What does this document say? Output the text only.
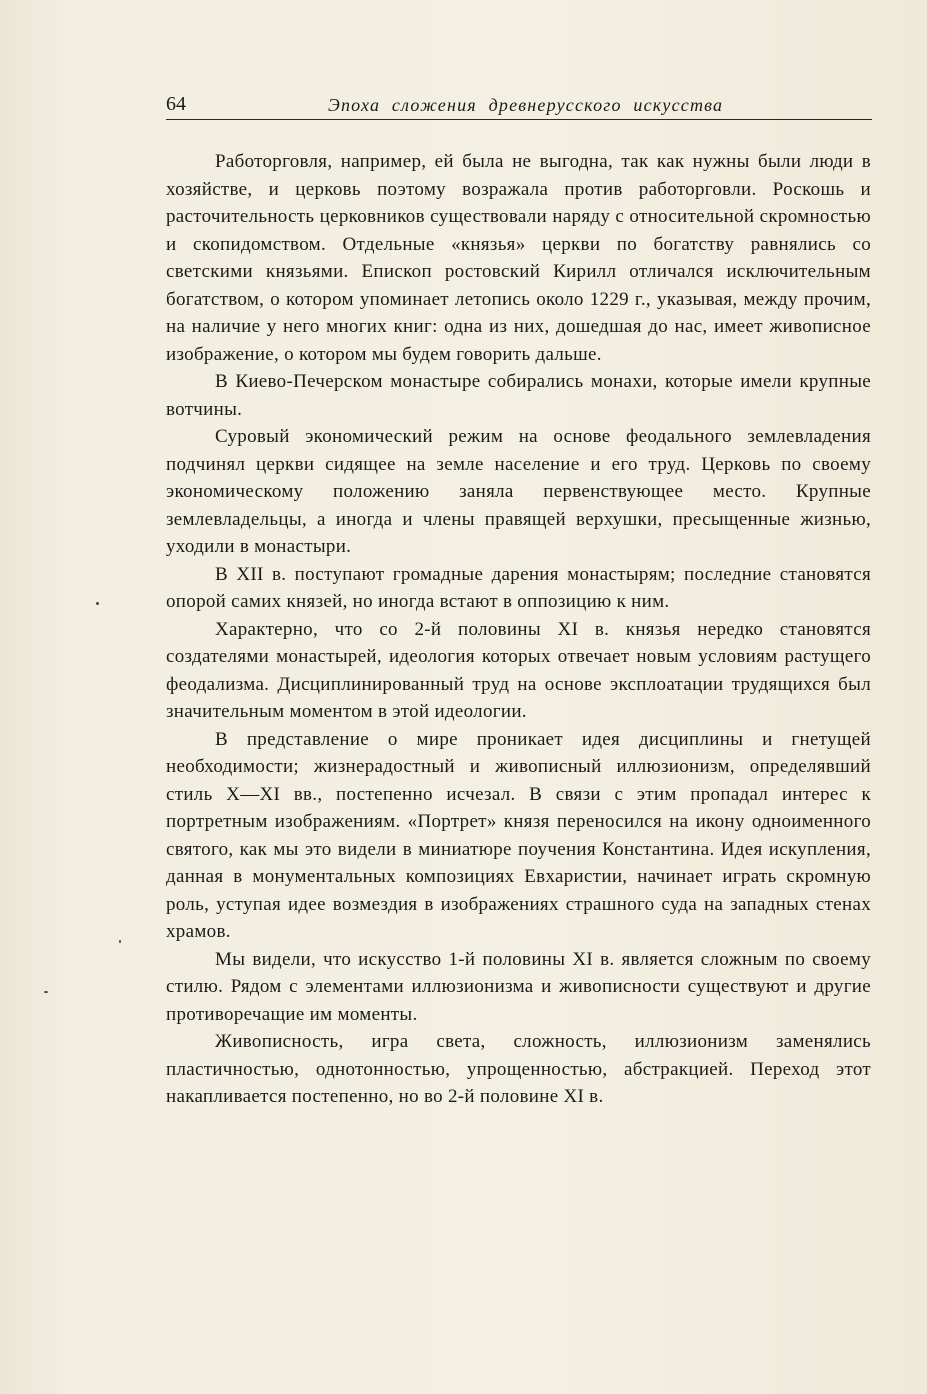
64	Эпоха сложения древнерусского искусства

Работорговля, например, ей была не выгодна, так как нужны были люди в хозяйстве, и церковь поэтому возражала против работорговли. Роскошь и расточительность церковников существовали наряду с относительной скромностью и скопидомством. Отдельные «князья» церкви по богатству равнялись со светскими князьями. Епископ ростовский Кирилл отличался исключительным богатством, о котором упоминает летопись около 1229 г., указывая, между прочим, на наличие у него многих книг: одна из них, дошедшая до нас, имеет живописное изображение, о котором мы будем говорить дальше.

В Киево-Печерском монастыре собирались монахи, которые имели крупные вотчины.

Суровый экономический режим на основе феодального землевладения подчинял церкви сидящее на земле население и его труд. Церковь по своему экономическому положению заняла первенствующее место. Крупные землевладельцы, а иногда и члены правящей верхушки, пресыщенные жизнью, уходили в монастыри.

В XII в. поступают громадные дарения монастырям; последние становятся опорой самих князей, но иногда встают в оппозицию к ним.

Характерно, что со 2-й половины XI в. князья нередко становятся создателями монастырей, идеология которых отвечает новым условиям растущего феодализма. Дисциплинированный труд на основе эксплоатации трудящихся был значительным моментом в этой идеологии.

В представление о мире проникает идея дисциплины и гнетущей необходимости; жизнерадостный и живописный иллюзионизм, определявший стиль X—XI вв., постепенно исчезал. В связи с этим пропадал интерес к портретным изображениям. «Портрет» князя переносился на икону одноименного святого, как мы это видели в миниатюре поучения Константина. Идея искупления, данная в монументальных композициях Евхаристии, начинает играть скромную роль, уступая идее возмездия в изображениях страшного суда на западных стенах храмов.

Мы видели, что искусство 1-й половины XI в. является сложным по своему стилю. Рядом с элементами иллюзионизма и живописности существуют и другие противоречащие им моменты.

Живописность, игра света, сложность, иллюзионизм заменялись пластичностью, однотонностью, упрощенностью, абстракцией. Переход этот накапливается постепенно, но во 2-й половине XI в.
